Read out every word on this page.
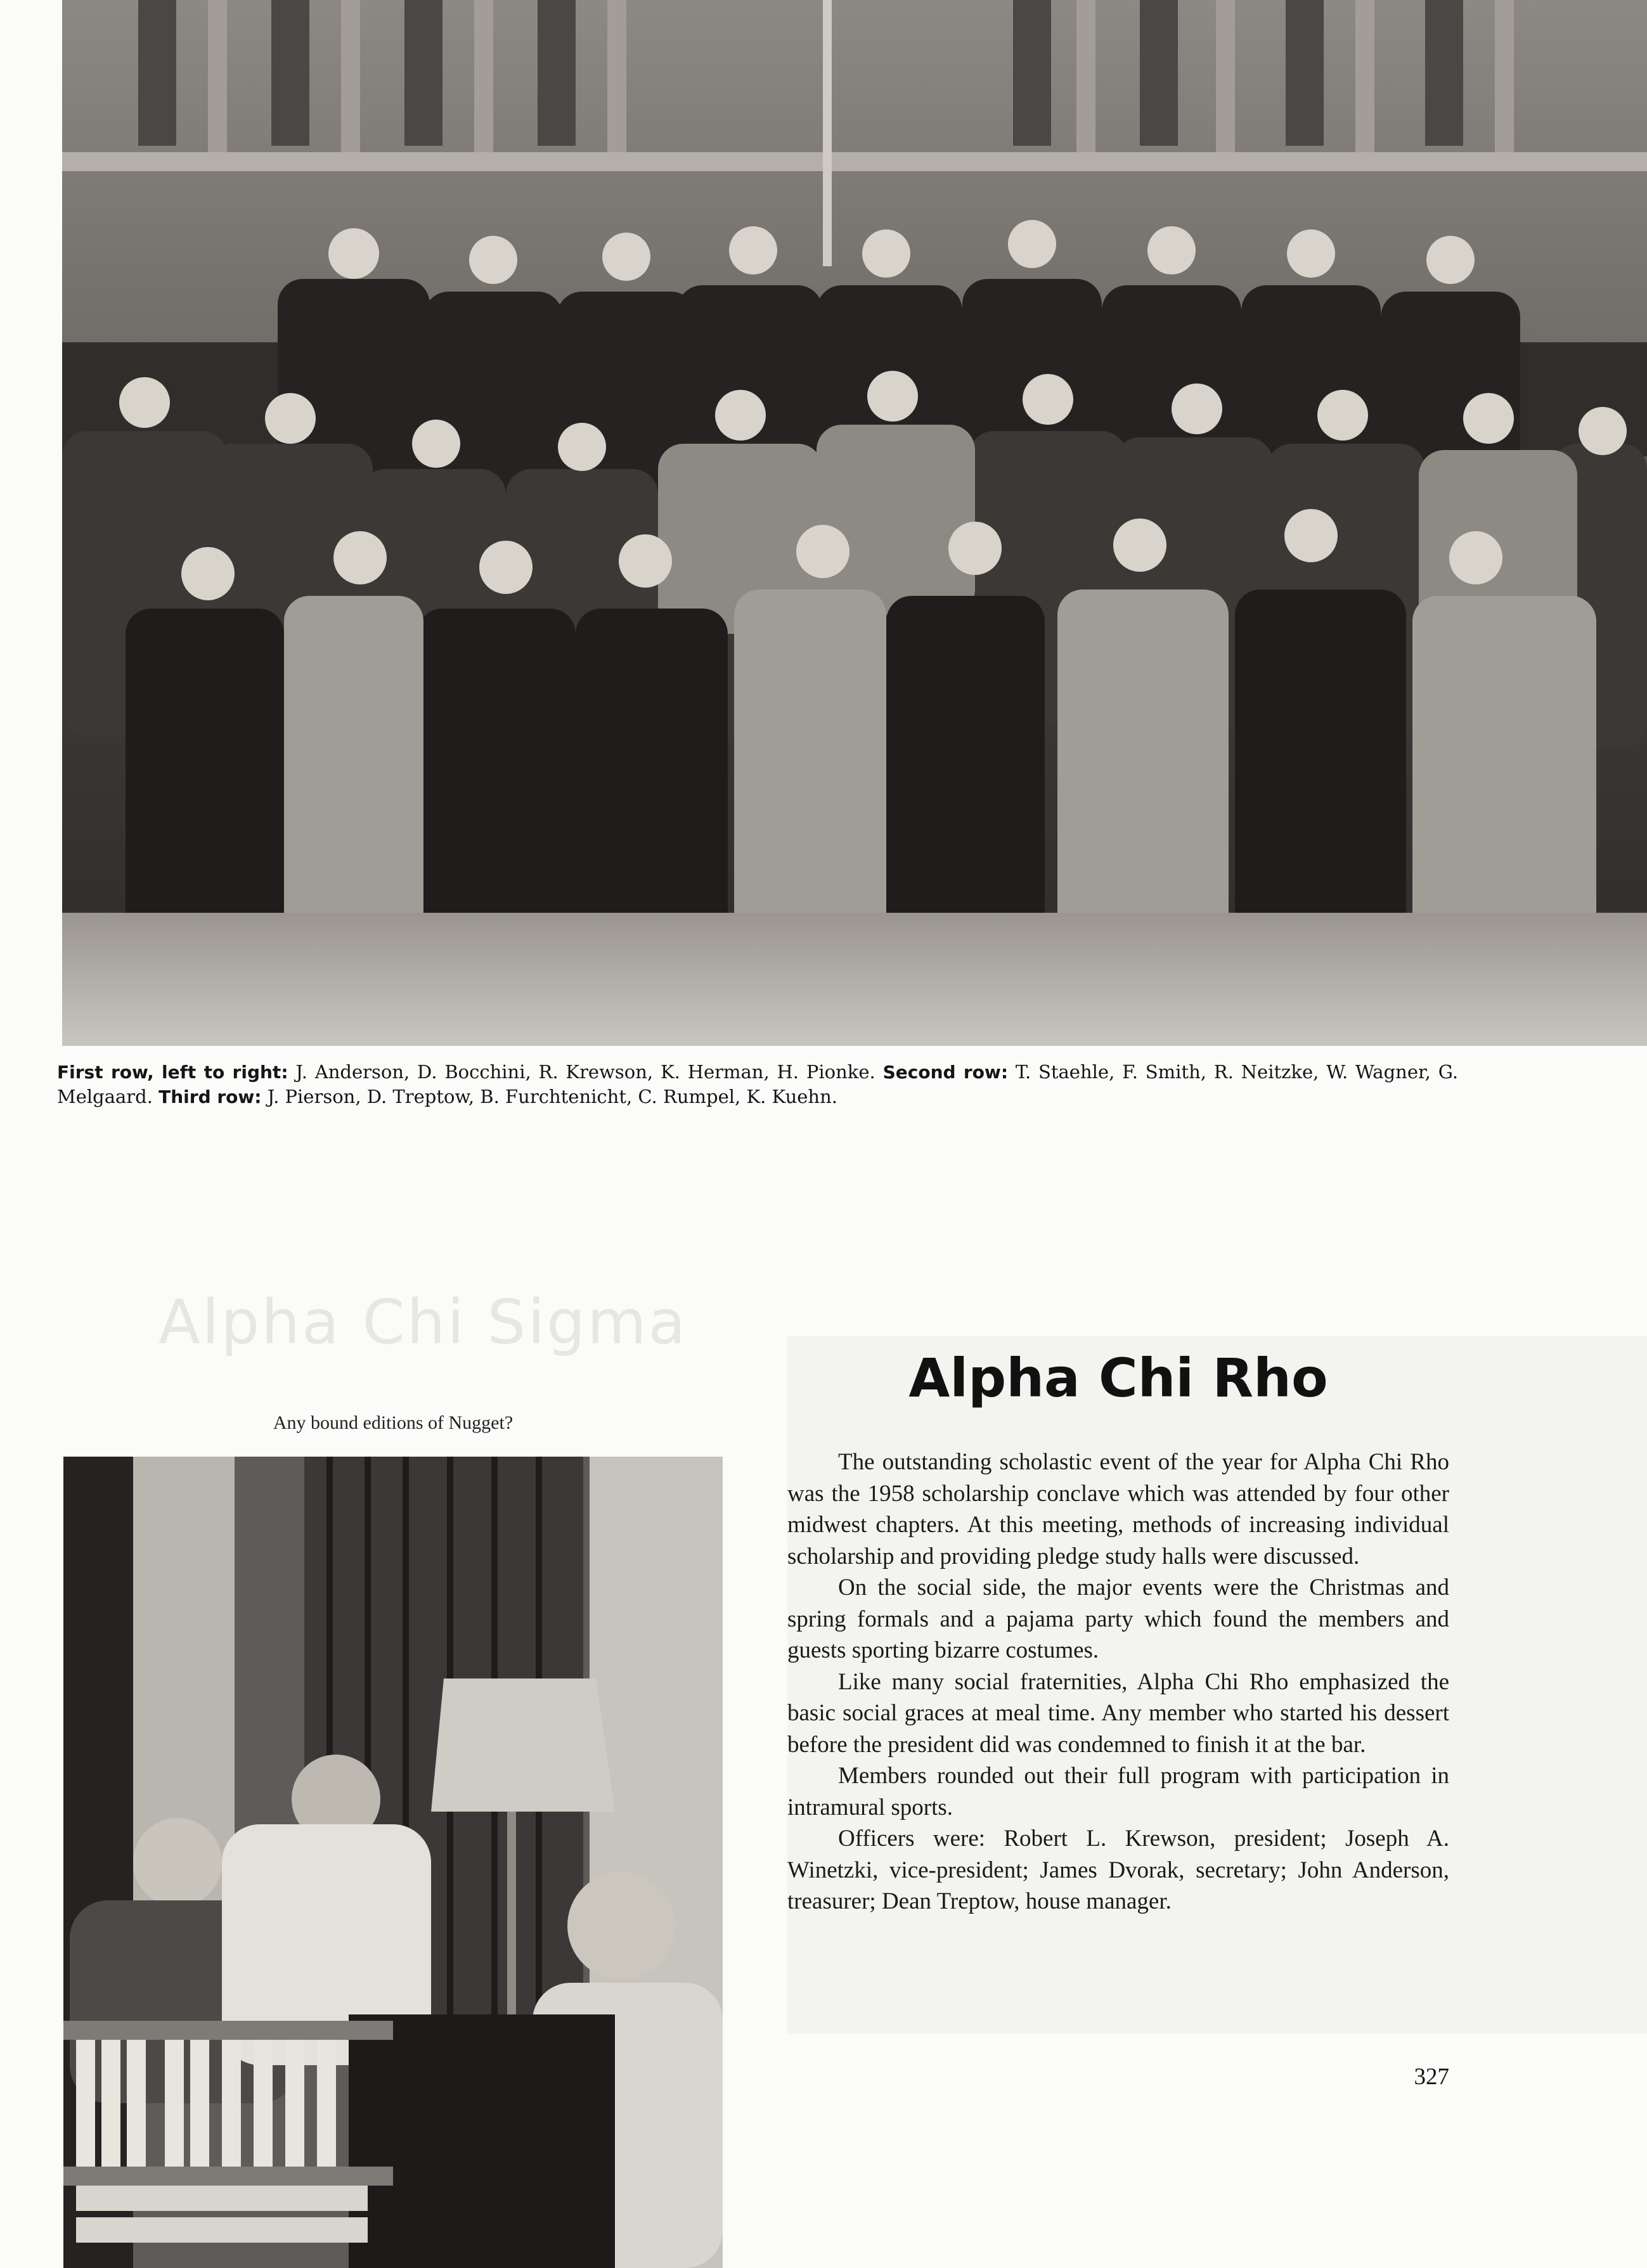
Alpha Chi Sigma
First row, left to right: J. Anderson, D. Bocchini, R. Krewson, K. Herman, H. Pionke. Second row: T. Staehle, F. Smith, R. Neitzke, W. Wagner, G. Melgaard. Third row: J. Pierson, D. Treptow, B. Furchtenicht, C. Rumpel, K. Kuehn.
Any bound editions of Nugget?
Alpha Chi Rho

The outstanding scholastic event of the year for Alpha Chi Rho was the 1958 scholarship conclave which was attended by four other midwest chapters. At this meeting, methods of increasing individual scholarship and providing pledge study halls were discussed.

On the social side, the major events were the Christmas and spring formals and a pajama party which found the members and guests sporting bizarre costumes.

Like many social fraternities, Alpha Chi Rho emphasized the basic social graces at meal time. Any member who started his dessert before the president did was condemned to finish it at the bar.

Members rounded out their full program with participation in intramural sports.

Officers were: Robert L. Krewson, president; Joseph A. Winetzki, vice-president; James Dvorak, secretary; John Anderson, treasurer; Dean Treptow, house manager.

327
